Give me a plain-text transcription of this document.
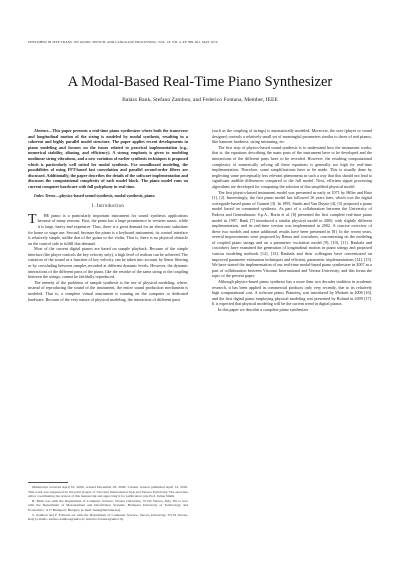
PUBLISHED IN IEEE TRANS. ON AUDIO, SPEECH, AND LANGUAGE PROCESSING, VOL. 18, NO. 4, PP. 809–821, MAY 2010
A Modal-Based Real-Time Piano Synthesizer
Balázs Bank, Stefano Zambon, and Federico Fontana, Member, IEEE

Abstract—This paper presents a real-time piano synthesizer where both the transverse and longitudinal motion of the string is modeled by modal synthesis, resulting in a coherent and highly parallel model structure. The paper applies recent developments in piano modeling and focuses on the issues related to practical implementation (e.g., numerical stability, aliasing, and efficiency). A strong emphasis is given to modeling nonlinear string vibrations, and a new variation of earlier synthesis techniques is proposed which is particularly well suited for modal synthesis. For soundboard modeling, the possibilities of using FFT-based fast convolution and parallel second-order filters are discussed. Additionally, the paper describes the details of the software implementation and discusses the computational complexity of each model block. The piano model runs on current computer hardware with full polyphony in real time.

Index Terms—physics-based sound synthesis, modal synthesis, piano.

I. Introduction

T HE piano is a particularly important instrument for sound synthesis applications because of many reasons. First, the piano has a large prominence in western music, while it is large, heavy and expensive. Thus, there is a great demand for an electronic substitute for home or stage use. Second, because the piano is a keyboard instrument, its control interface is relatively simple, unlike that of the guitar or the violin. That is, there is no physical obstacle on the control side to fulfill this demand.

Most of the current digital pianos are based on sample playback. Because of the simple interface (the player controls the key velocity only), a high level of realism can be achieved. The variation of the sound as a function of key velocity can be taken into account by linear filtering or by crossfading between samples recorded at different dynamic levels. However, the dynamic interactions of the different parts of the piano, like the restrike of the same string or the coupling between the strings, cannot be faithfully reproduced.

The remedy of the problems of sample synthesis is the use of physical modeling, where, instead of reproducing the sound of the instrument, the entire sound production mechanism is modeled. That is, a complete virtual instrument is running on the computer or dedicated hardware. Because of the very nature of physical modeling, the interaction of different parts

Manuscript received April 01, 2009; revised December 03, 2009. Current version published April 14, 2010. This work was supported by the joint project of Viscount International SpA and Verona University. The associate editor coordinating the review of this manuscript and approving it for publication was Prof. Julius Smith.

B. Bank was with the Department of Computer Science, Verona University, 37134 Verona, Italy. He is now with the Department of Measurement and Information Systems, Budapest University of Technology and Economics, 1117 Budapest, Hungary (e-mail: bank@mit.bme.hu).

S. Zambon and F. Fontana are with the Department of Computer Science, Verona University, 37134 Verona, Italy (e-mails: stefano.zambon@univr.it; federico.fontana@univr.it).

(such as the coupling of strings) is automatically modeled. Moreover, the user (player or sound designer) controls a relatively small set of meaningful parameters similar to those of real pianos, like hammer hardness, string mistuning, etc.

The first step of physics-based sound synthesis is to understand how the instrument works, that is, the equations describing the main parts of the instrument have to be developed and the interactions of the different parts have to be revealed. However, the resulting computational complexity of numerically solving all these equations is generally too high for real-time implementation. Therefore, some simplifications have to be made. This is usually done by neglecting some perceptually less relevant phenomena in such a way that this should not lead to significant audible differences compared to the full model. Next, efficient signal processing algorithms are developed for computing the solution of this simplified physical model.

The first physics-based instrument model was presented as early as 1971 by Hiller and Ruiz [1], [2]. Interestingly, the first piano model has followed 16 years later, which was the digital waveguide-based piano of Garnett [3]. In 1995, Smith and Van Duyne [4], [5] proposed a piano model based on commuted synthesis. As part of a collaboration between the University of Padova and Generalmusic S.p.A., Borin et al. [6] presented the first complete real-time piano model in 1997. Bank [7] introduced a similar physical model in 2000, with slightly different implementation, and its real-time version was implemented in 2002. A concise overview of these two models and some additional results have been presented in [8]. In the recent years, several improvements were proposed by Bensa and coworkers, concentrating on the modeling of coupled piano strings and on a parametric excitation model [9], [10], [11]. Rauhala and coworkers have examined the generation of longitudinal motion in piano strings and proposed various modeling methods [12], [13]. Rauhala and their colleagues have concentrated on improved parameter estimation techniques and efficient, parametric implementations [14], [15]. We have started the implementation of our real-time modal-based piano synthesizer in 2007 as a part of collaboration between Viscount International and Verona University, and this forms the topic of the present paper.

Although physics-based piano synthesis has a more than two decades tradition in academic research, it has been applied in commercial products only very recently, due to its relatively high computational cost. A software piano, Pianoteq, was introduced by Modartt in 2006 [16], and the first digital piano employing physical modeling was presented by Roland in 2009 [17]. It is expected that physical modeling will be the current trend in digital pianos.

In this paper we describe a complete piano synthesizer
